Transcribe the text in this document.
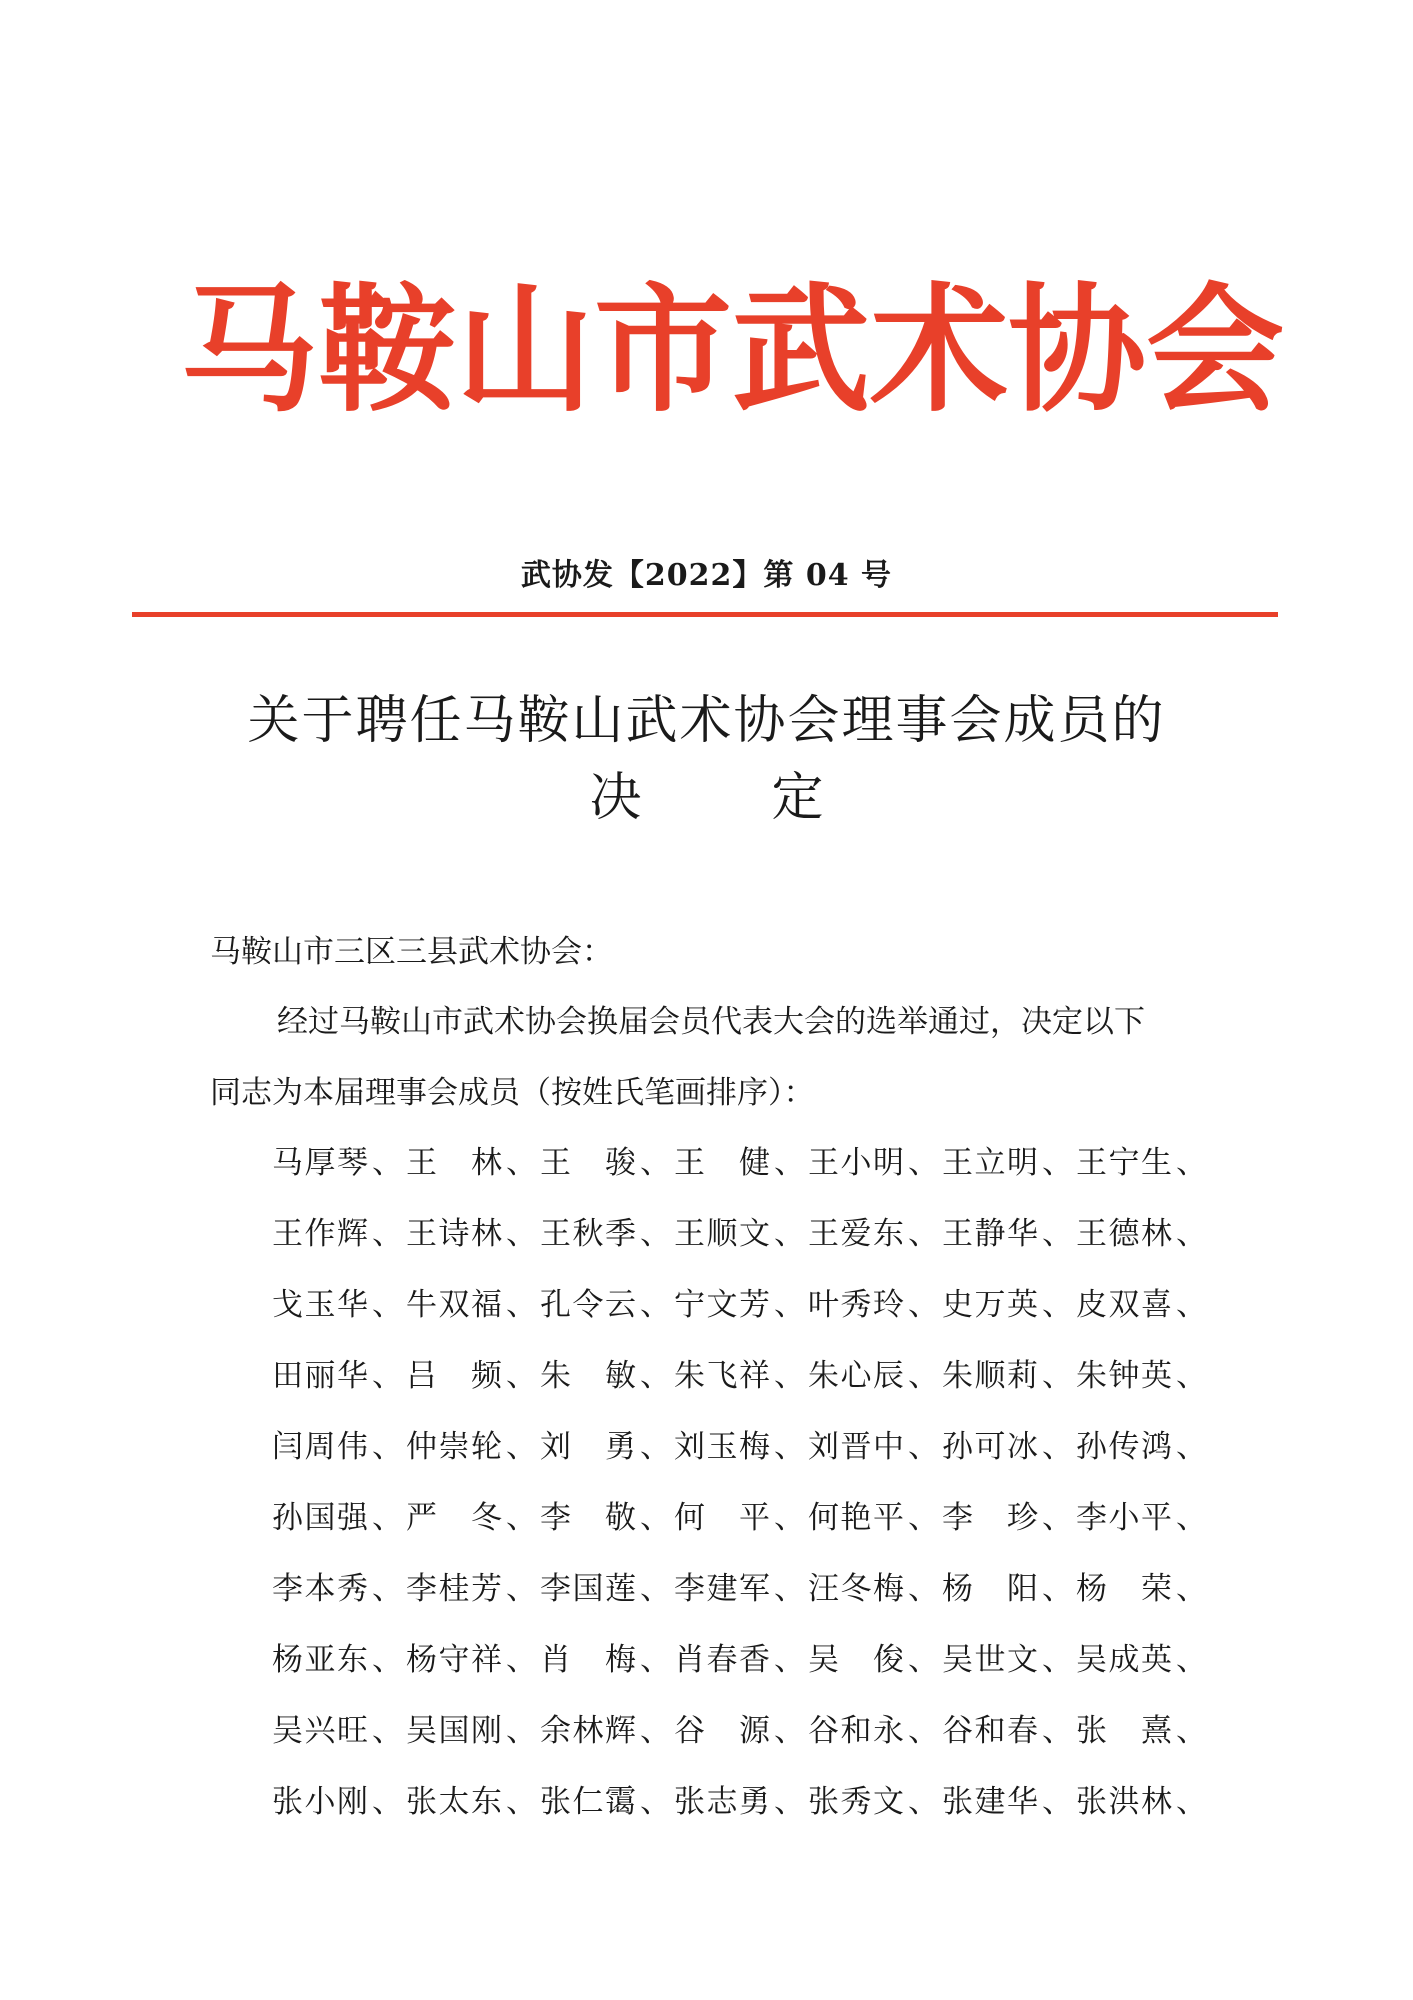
马 鞍 山 市 武 术 协 会
武协发【2022】第 04 号
关于聘任马鞍山武术协会理事会成员的
决定
马鞍山市三区三县武术协会：
经过马鞍山市武术协会换届会员代表大会的选举通过，决定以下
同志为本届理事会成员（按姓氏笔画排序）：
马 厚 琴 、 王 林 、 王 骏 、 王 健 、 王 小 明 、 王 立 明 、 王 宁 生 、
王 作 辉 、 王 诗 林 、 王 秋 季 、 王 顺 文 、 王 爱 东 、 王 静 华 、 王 德 林 、
戈 玉 华 、 牛 双 福 、 孔 令 云 、 宁 文 芳 、 叶 秀 玲 、 史 万 英 、 皮 双 喜 、
田 丽 华 、 吕 频 、 朱 敏 、 朱 飞 祥 、 朱 心 辰 、 朱 顺 莉 、 朱 钟 英 、
闫 周 伟 、 仲 崇 轮 、 刘 勇 、 刘 玉 梅 、 刘 晋 中 、 孙 可 冰 、 孙 传 鸿 、
孙 国 强 、 严 冬 、 李 敬 、 何 平 、 何 艳 平 、 李 珍 、 李 小 平 、
李 本 秀 、 李 桂 芳 、 李 国 莲 、 李 建 军 、 汪 冬 梅 、 杨 阳 、 杨 荣 、
杨 亚 东 、 杨 守 祥 、 肖 梅 、 肖 春 香 、 吴 俊 、 吴 世 文 、 吴 成 英 、
吴 兴 旺 、 吴 国 刚 、 余 林 辉 、 谷 源 、 谷 和 永 、 谷 和 春 、 张 熹 、
张 小 刚 、 张 太 东 、 张 仁 霭 、 张 志 勇 、 张 秀 文 、 张 建 华 、 张 洪 林 、
